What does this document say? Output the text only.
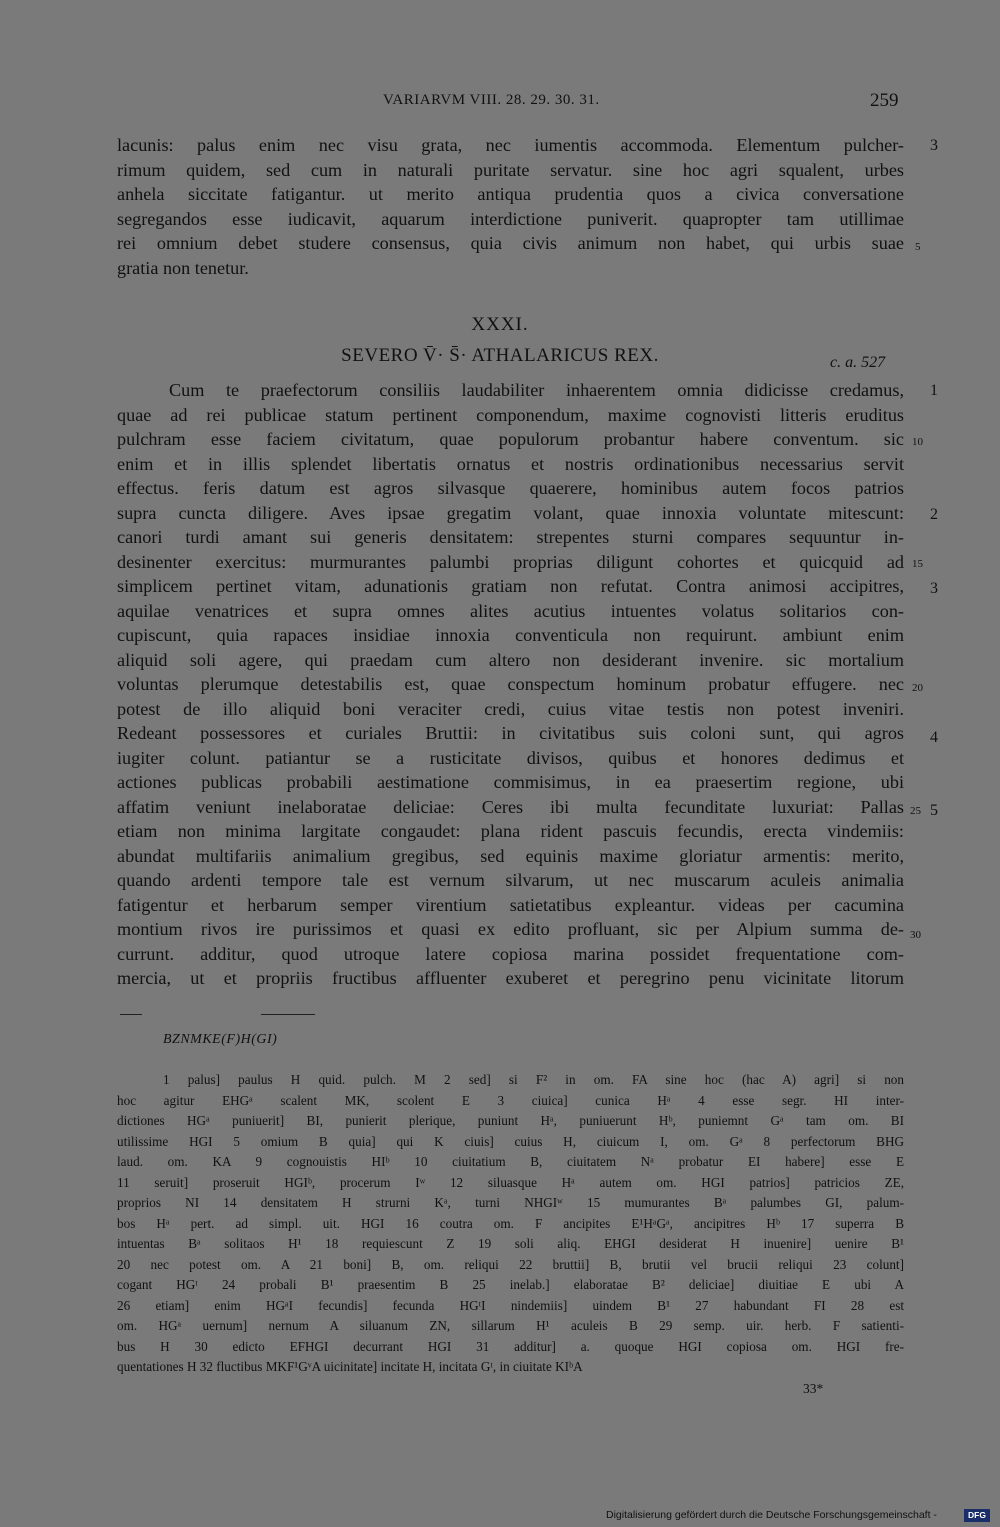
VARIARVM VIII. 28. 29. 30. 31.	259
lacunis: palus enim nec visu grata, nec iumentis accommoda. Elementum pulcher-
rimum quidem, sed cum in naturali puritate servatur. sine hoc agri squalent, urbes
anhela siccitate fatigantur. ut merito antiqua prudentia quos a civica conversatione
segregandos esse iudicavit, aquarum interdictione puniverit. quapropter tam utillimae
rei omnium debet studere consensus, quia civis animum non habet, qui urbis suae
gratia non tenetur.
XXXI.
SEVERO V̄· S̄· ATHALARICUS REX.	c. a. 527
Cum te praefectorum consiliis laudabiliter inhaerentem omnia didicisse credamus,
quae ad rei publicae statum pertinent componendum, maxime cognovisti litteris eruditus
pulchram esse faciem civitatum, quae populorum probantur habere conventum. sic
enim et in illis splendet libertatis ornatus et nostris ordinationibus necessarius servit
effectus. feris datum est agros silvasque quaerere, hominibus autem focos patrios
supra cuncta diligere. Aves ipsae gregatim volant, quae innoxia voluntate mitescunt:
canori turdi amant sui generis densitatem: strepentes sturni compares sequuntur in-
desinenter exercitus: murmurantes palumbi proprias diligunt cohortes et quicquid ad
simplicem pertinet vitam, adunationis gratiam non refutat. Contra animosi accipitres,
aquilae venatrices et supra omnes alites acutius intuentes volatus solitarios con-
cupiscunt, quia rapaces insidiae innoxia conventicula non requirunt. ambiunt enim
aliquid soli agere, qui praedam cum altero non desiderant invenire. sic mortalium
voluntas plerumque detestabilis est, quae conspectum hominum probatur effugere. nec
potest de illo aliquid boni veraciter credi, cuius vitae testis non potest inveniri.
Redeant possessores et curiales Bruttii: in civitatibus suis coloni sunt, qui agros
iugiter colunt. patiantur se a rusticitate divisos, quibus et honores dedimus et
actiones publicas probabili aestimatione commisimus, in ea praesertim regione, ubi
affatim veniunt inelaboratae deliciae: Ceres ibi multa fecunditate luxuriat: Pallas
etiam non minima largitate congaudet: plana rident pascuis fecundis, erecta vindemiis:
abundat multifariis animalium gregibus, sed equinis maxime gloriatur armentis: merito,
quando ardenti tempore tale est vernum silvarum, ut nec muscarum aculeis animalia
fatigentur et herbarum semper virentium satietatibus expleantur. videas per cacumina
montium rivos ire purissimos et quasi ex edito profluant, sic per Alpium summa de-
currunt. additur, quod utroque latere copiosa marina possidet frequentatione com-
mercia, ut et propriis fructibus affluenter exuberet et peregrino penu vicinitate litorum
3
5
1
10
2
15
3
20
4
25 5
30
BZNMKE(F)H(GI)
1 palus] paulus H quid. pulch. M 2 sed] si F² in om. FA sine hoc (hac A) agri] si non
hoc agitur EHGᵃ scalent MK, scolent E 3 ciuica] cunica Hᵃ 4 esse segr. HI inter-
dictiones HGᵃ puniuerit] BI, punierit plerique, puniunt Hᵃ, puniuerunt Hᵇ, puniemnt Gᵃ tam om. BI
utilissime HGI 5 omium B quia] qui K ciuis] cuius H, ciuicum I, om. Gᵃ 8 perfectorum BHG
laud. om. KA 9 cognouistis HIᵇ 10 ciuitatium B, ciuitatem Nᵃ probatur EI habere] esse E
11 seruit] proseruit HGIᵇ, procerum Iʷ 12 siluasque Hᵃ autem om. HGI patrios] patricios ZE,
proprios NI 14 densitatem H strurni Kᵃ, turni NHGIʷ 15 mumurantes Bᵃ palumbes GI, palum-
bos Hᵃ pert. ad simpl. uit. HGI 16 coutra om. F ancipites E¹HᵃGᵃ, ancipitres Hᵇ 17 superra B
intuentas Bᵃ solitaos H¹ 18 requiescunt Z 19 soli aliq. EHGI desiderat H inuenire] uenire B¹
20 nec potest om. A 21 boni] B, om. reliqui 22 bruttii] B, brutii vel brucii reliqui 23 colunt]
cogant HGᵗ 24 probali B¹ praesentim B 25 inelab.] elaboratae B² deliciae] diuitiae E ubi A
26 etiam] enim HGᵃI fecundis] fecunda HGᵗI nindemiis] uindem B¹ 27 habundant FI 28 est
om. HGᵃ uernum] nernum A siluanum ZN, sillarum H¹ aculeis B 29 semp. uir. herb. F satienti-
bus H 30 edicto EFHGI decurrant HGI 31 additur] a. quoque HGI copiosa om. HGI fre-
quentationes H 32 fluctibus MKF¹GᵛA uicinitate] incitate H, incitata Gᵗ, in ciuitate KIᵇA
33*
Digitalisierung gefördert durch die Deutsche Forschungsgemeinschaft -	DFG
